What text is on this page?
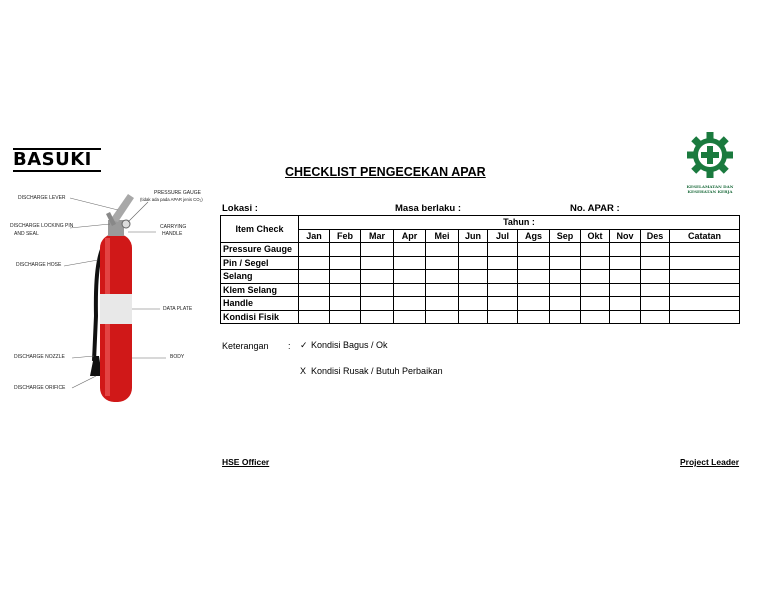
BASUKI
CHECKLIST PENGECEKAN APAR
KESELAMATAN DAN KESEHATAN KERJA
DISCHARGE LEVER
PRESSURE GAUGE
(tidak ada pada APAR jenis CO₂)
DISCHARGE LOCKING PIN
AND SEAL
CARRYING
HANDLE
DISCHARGE HOSE
DATA PLATE
DISCHARGE NOZZLE	BODY
DISCHARGE ORIFICE
Lokasi :	Masa berlaku :	No. APAR :
Item Check	Tahun :												
	Jan	Feb	Mar	Apr	Mei	Jun	Jul	Ags	Sep	Okt	Nov	Des	Catatan
Pressure Gauge													
Pin / Segel													
Selang													
Klem Selang													
Handle													
Kondisi Fisik													
Keterangan : ✓ Kondisi Bagus / Ok
X Kondisi Rusak / Butuh Perbaikan
HSE Officer	Project Leader
